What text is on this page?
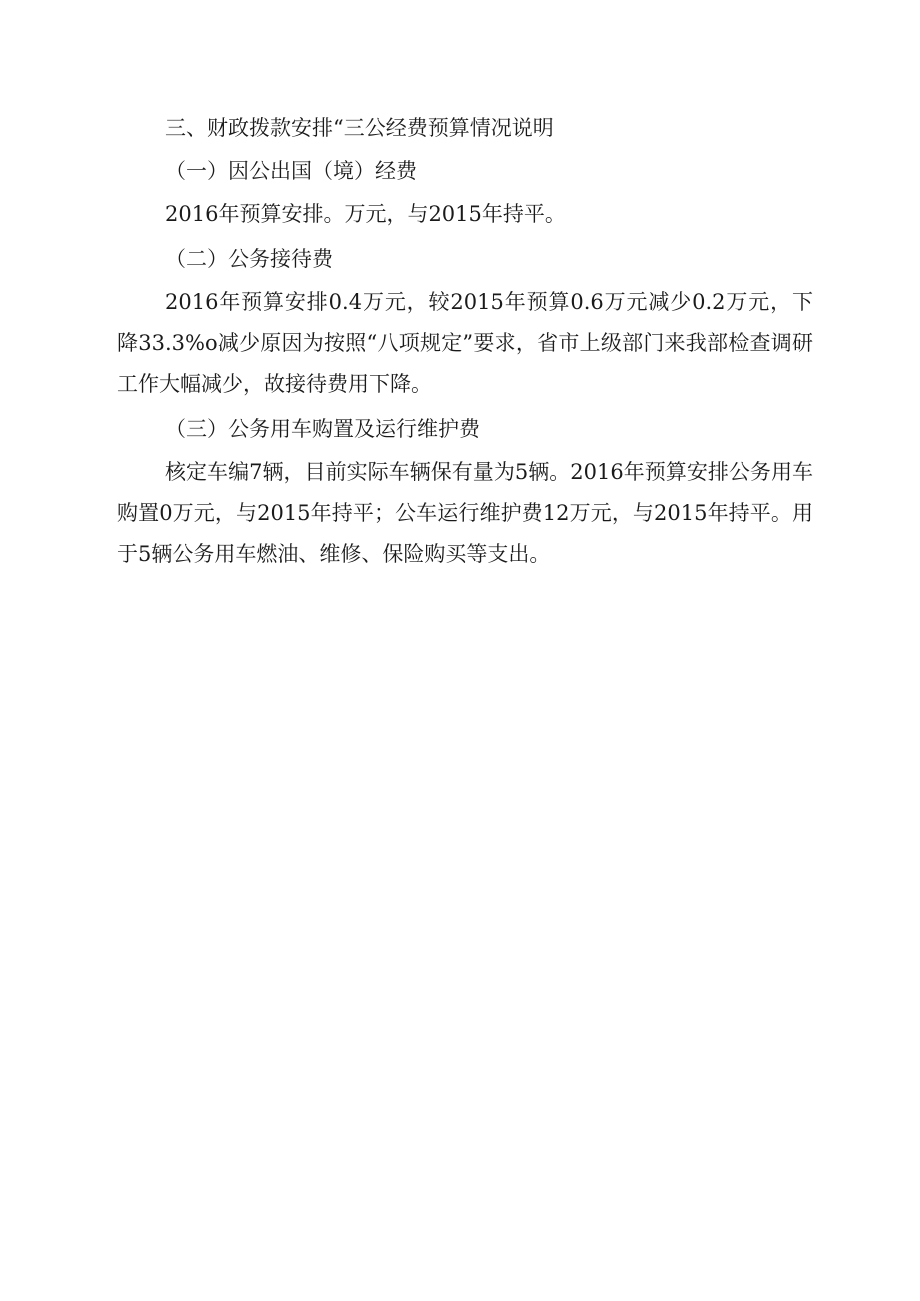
三、财政拨款安排“三公经费预算情况说明

（一）因公出国（境）经费

2016年预算安排。万元，与2015年持平。

（二）公务接待费

2016年预算安排0.4万元，较2015年预算0.6万元减少0.2万元，下降33.3%o减少原因为按照“八项规定”要求，省市上级部门来我部检查调研工作大幅减少，故接待费用下降。

（三）公务用车购置及运行维护费

核定车编7辆，目前实际车辆保有量为5辆。2016年预算安排公务用车购置0万元，与2015年持平；公车运行维护费12万元，与2015年持平。用于5辆公务用车燃油、维修、保险购买等支出。
